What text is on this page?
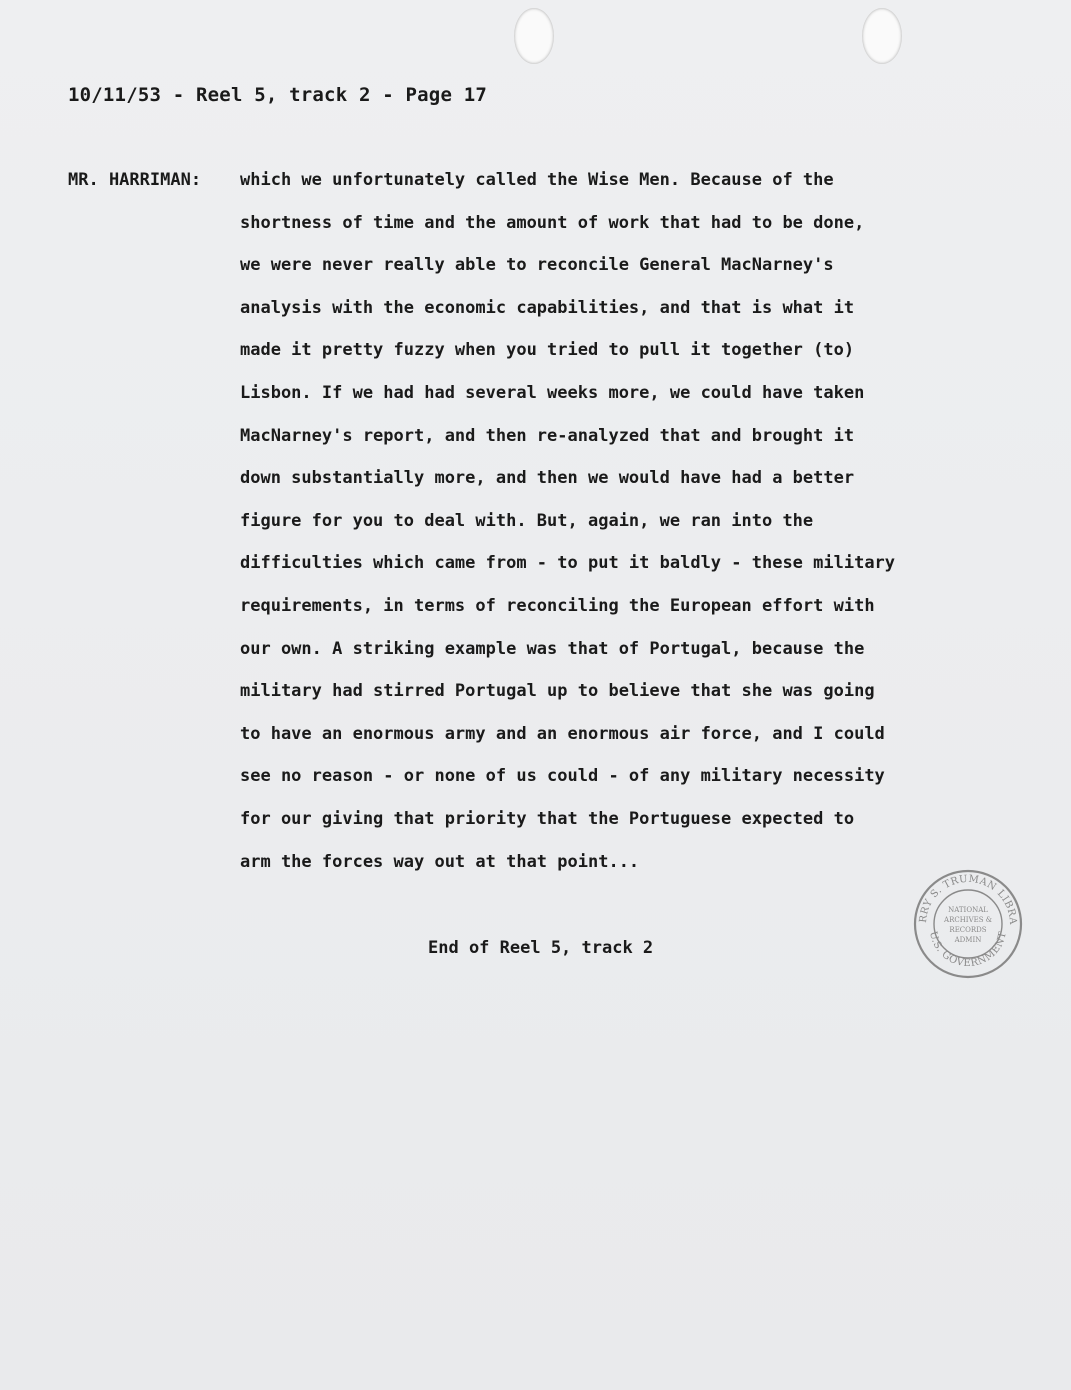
10/11/53 - Reel 5, track 2 - Page 17
MR. HARRIMAN: which we unfortunately called the Wise Men. Because of the
shortness of time and the amount of work that had to be done,
we were never really able to reconcile General MacNarney's
analysis with the economic capabilities, and that is what it
made it pretty fuzzy when you tried to pull it together (to)
Lisbon. If we had had several weeks more, we could have taken
MacNarney's report, and then re-analyzed that and brought it
down substantially more, and then we would have had a better
figure for you to deal with. But, again, we ran into the
difficulties which came from - to put it baldly - these military
requirements, in terms of reconciling the European effort with
our own. A striking example was that of Portugal, because the
military had stirred Portugal up to believe that she was going
to have an enormous army and an enormous air force, and I could
see no reason - or none of us could - of any military necessity
for our giving that priority that the Portuguese expected to
arm the forces way out at that point...
End of Reel 5, track 2
RRY S. TRUMAN LIBRA
U.S. GOVERNMENT
NATIONAL
ARCHIVES &
RECORDS
ADMIN
